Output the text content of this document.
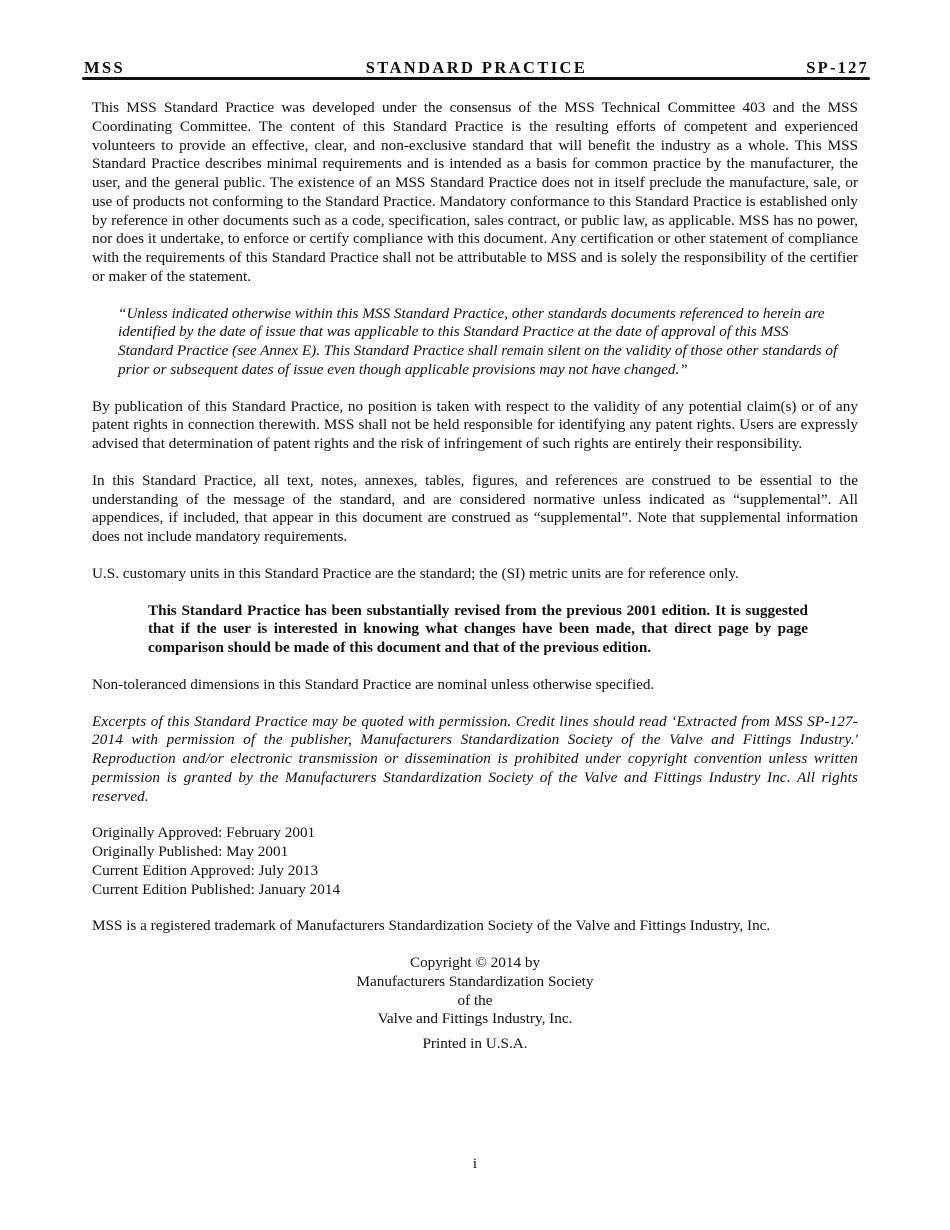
STANDARD PRACTICE
MSS	SP-127

This MSS Standard Practice was developed under the consensus of the MSS Technical Committee 403 and the MSS Coordinating Committee. The content of this Standard Practice is the resulting efforts of competent and experienced volunteers to provide an effective, clear, and non-exclusive standard that will benefit the industry as a whole. This MSS Standard Practice describes minimal requirements and is intended as a basis for common practice by the manufacturer, the user, and the general public. The existence of an MSS Standard Practice does not in itself preclude the manufacture, sale, or use of products not conforming to the Standard Practice. Mandatory conformance to this Standard Practice is established only by reference in other documents such as a code, specification, sales contract, or public law, as applicable. MSS has no power, nor does it undertake, to enforce or certify compliance with this document. Any certification or other statement of compliance with the requirements of this Standard Practice shall not be attributable to MSS and is solely the responsibility of the certifier or maker of the statement.

“Unless indicated otherwise within this MSS Standard Practice, other standards documents referenced to herein are identified by the date of issue that was applicable to this Standard Practice at the date of approval of this MSS Standard Practice (see Annex E). This Standard Practice shall remain silent on the validity of those other standards of prior or subsequent dates of issue even though applicable provisions may not have changed.”

By publication of this Standard Practice, no position is taken with respect to the validity of any potential claim(s) or of any patent rights in connection therewith. MSS shall not be held responsible for identifying any patent rights. Users are expressly advised that determination of patent rights and the risk of infringement of such rights are entirely their responsibility.

In this Standard Practice, all text, notes, annexes, tables, figures, and references are construed to be essential to the understanding of the message of the standard, and are considered normative unless indicated as “supplemental”. All appendices, if included, that appear in this document are construed as “supplemental”. Note that supplemental information does not include mandatory requirements.

U.S. customary units in this Standard Practice are the standard; the (SI) metric units are for reference only.

This Standard Practice has been substantially revised from the previous 2001 edition. It is suggested that if the user is interested in knowing what changes have been made, that direct page by page comparison should be made of this document and that of the previous edition.

Non-toleranced dimensions in this Standard Practice are nominal unless otherwise specified.

Excerpts of this Standard Practice may be quoted with permission. Credit lines should read ‘Extracted from MSS SP-127-2014 with permission of the publisher, Manufacturers Standardization Society of the Valve and Fittings Industry.' Reproduction and/or electronic transmission or dissemination is prohibited under copyright convention unless written permission is granted by the Manufacturers Standardization Society of the Valve and Fittings Industry Inc. All rights reserved.

Originally Approved: February 2001
Originally Published: May 2001
Current Edition Approved: July 2013
Current Edition Published: January 2014

MSS is a registered trademark of Manufacturers Standardization Society of the Valve and Fittings Industry, Inc.

Copyright © 2014 by
Manufacturers Standardization Society
of the
Valve and Fittings Industry, Inc.
Printed in U.S.A.
i
